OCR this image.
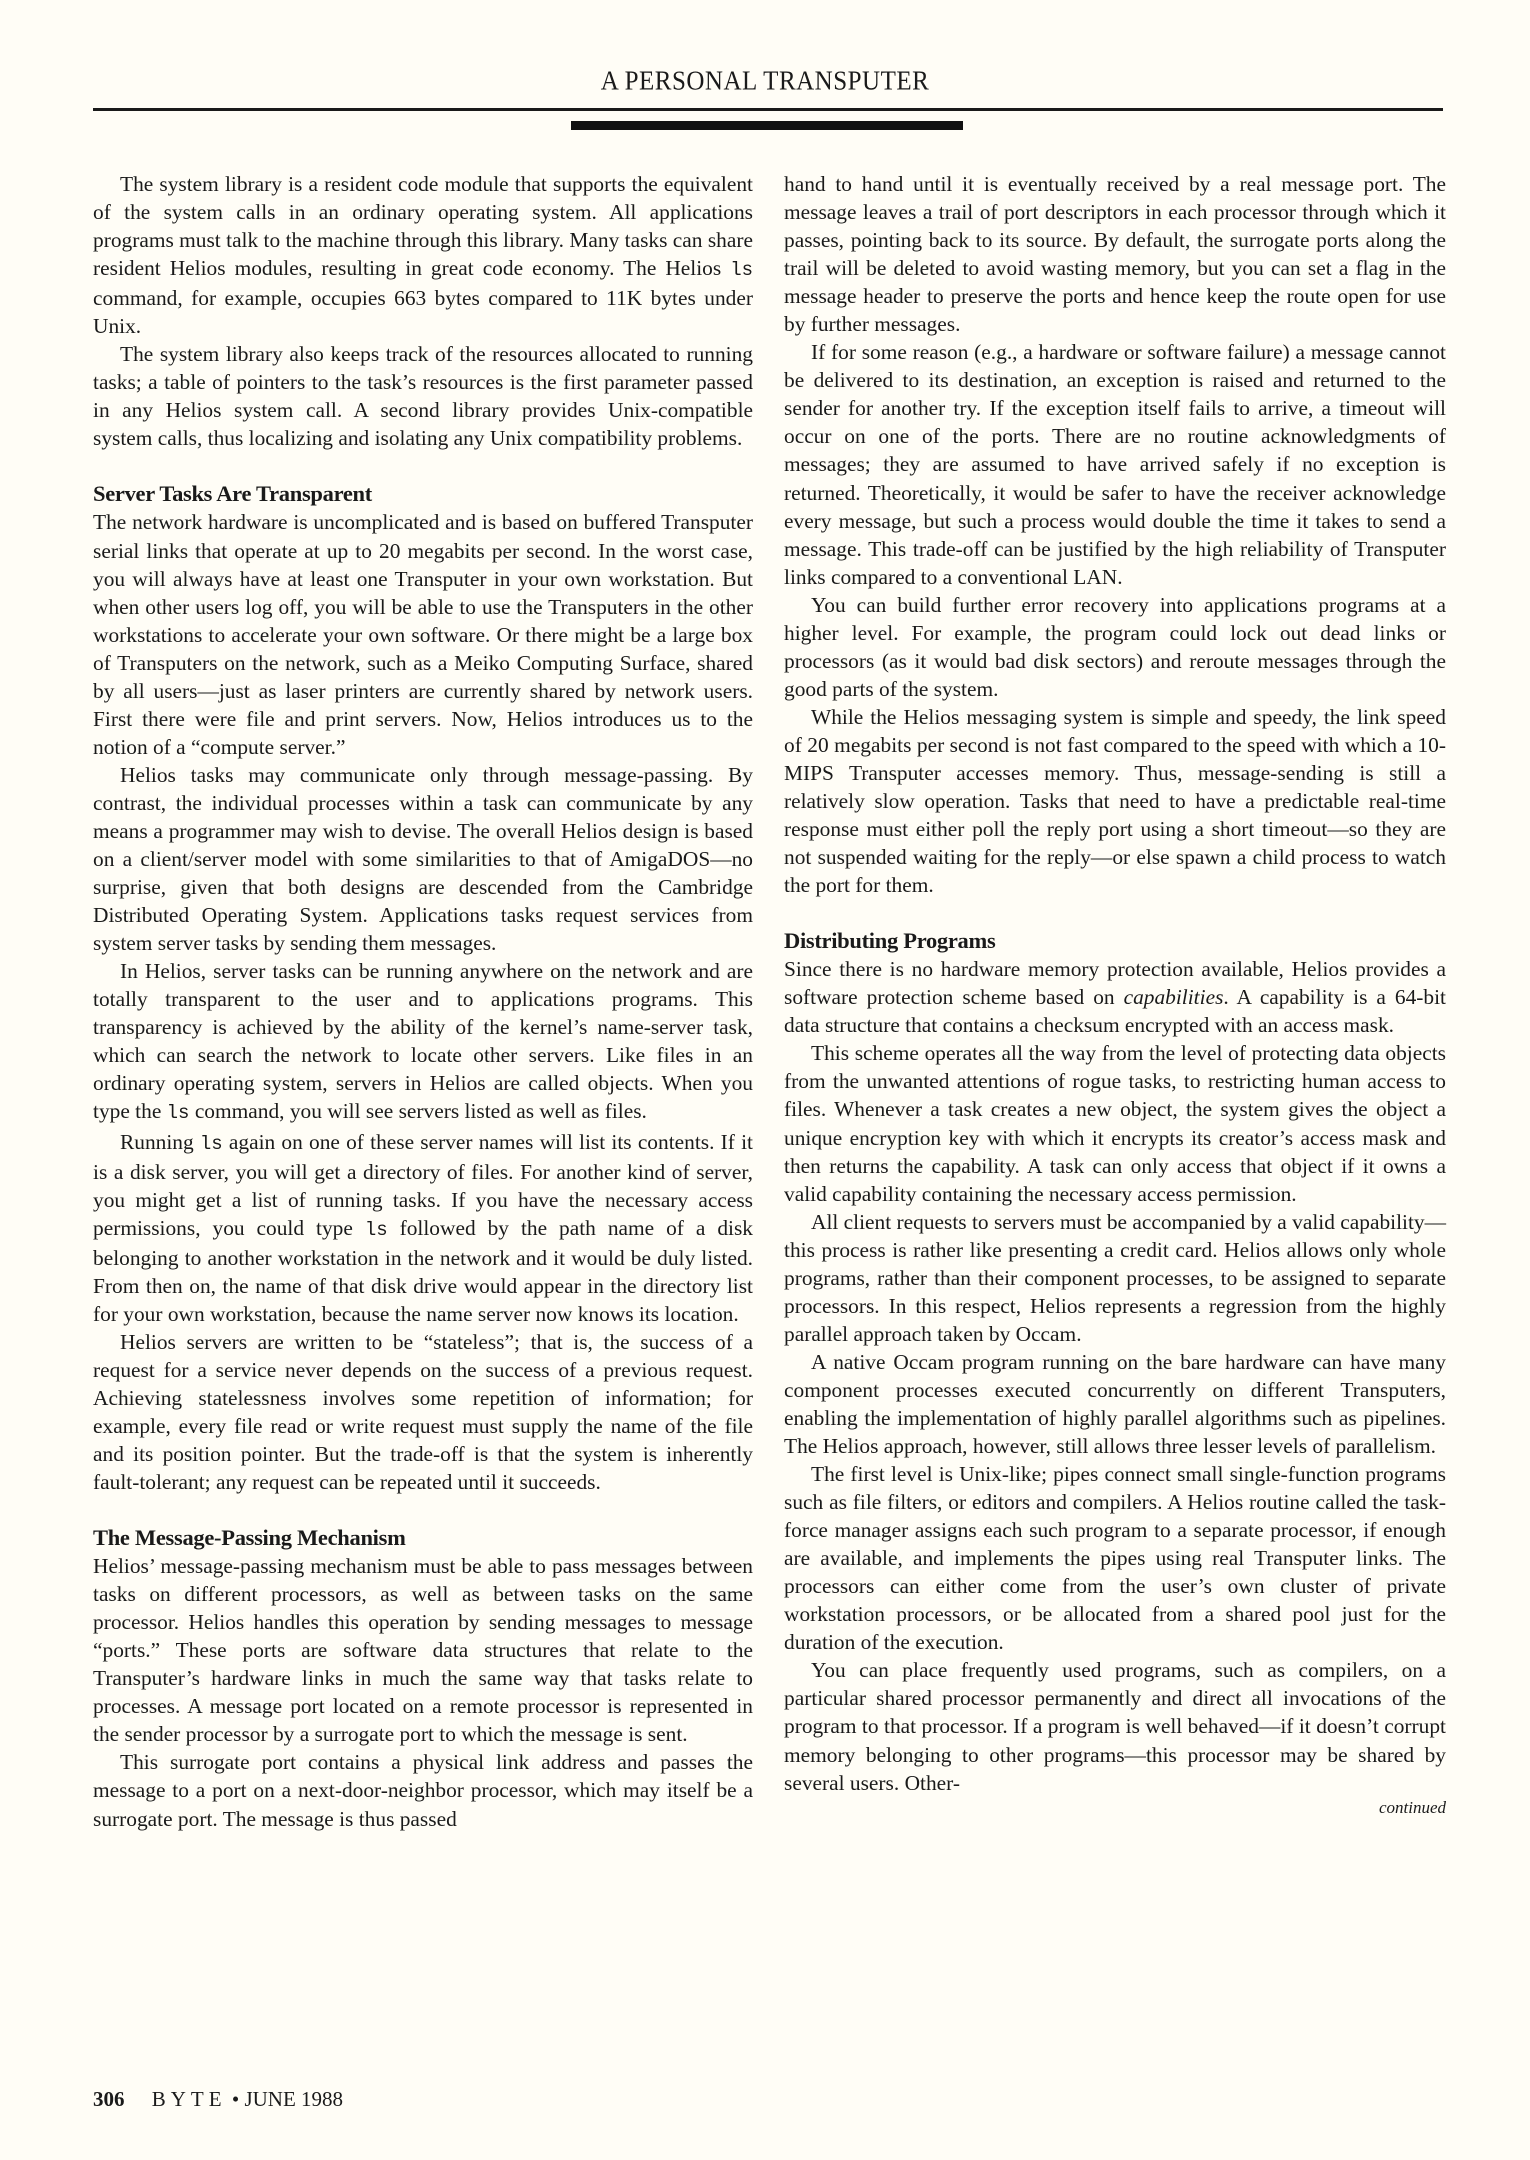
A PERSONAL TRANSPUTER

The system library is a resident code module that supports the equivalent of the system calls in an ordinary operating system. All applications programs must talk to the machine through this library. Many tasks can share resident Helios modules, resulting in great code economy. The Helios ls command, for example, occupies 663 bytes compared to 11K bytes under Unix.

The system library also keeps track of the resources allocated to running tasks; a table of pointers to the task’s resources is the first parameter passed in any Helios system call. A second library provides Unix-compatible system calls, thus localizing and isolating any Unix compatibility problems.

Server Tasks Are Transparent

The network hardware is uncomplicated and is based on buffered Transputer serial links that operate at up to 20 megabits per second. In the worst case, you will always have at least one Transputer in your own workstation. But when other users log off, you will be able to use the Transputers in the other workstations to accelerate your own software. Or there might be a large box of Transputers on the network, such as a Meiko Computing Surface, shared by all users—just as laser printers are currently shared by network users. First there were file and print servers. Now, Helios introduces us to the notion of a “compute server.”

Helios tasks may communicate only through message-passing. By contrast, the individual processes within a task can communicate by any means a programmer may wish to devise. The overall Helios design is based on a client/server model with some similarities to that of AmigaDOS—no surprise, given that both designs are descended from the Cambridge Distributed Operating System. Applications tasks request services from system server tasks by sending them messages.

In Helios, server tasks can be running anywhere on the network and are totally transparent to the user and to applications programs. This transparency is achieved by the ability of the kernel’s name-server task, which can search the network to locate other servers. Like files in an ordinary operating system, servers in Helios are called objects. When you type the ls command, you will see servers listed as well as files.

Running ls again on one of these server names will list its contents. If it is a disk server, you will get a directory of files. For another kind of server, you might get a list of running tasks. If you have the necessary access permissions, you could type ls followed by the path name of a disk belonging to another workstation in the network and it would be duly listed. From then on, the name of that disk drive would appear in the directory list for your own workstation, because the name server now knows its location.

Helios servers are written to be “stateless”; that is, the success of a request for a service never depends on the success of a previous request. Achieving statelessness involves some repetition of information; for example, every file read or write request must supply the name of the file and its position pointer. But the trade-off is that the system is inherently fault-tolerant; any request can be repeated until it succeeds.

The Message-Passing Mechanism

Helios’ message-passing mechanism must be able to pass messages between tasks on different processors, as well as between tasks on the same processor. Helios handles this operation by sending messages to message “ports.” These ports are software data structures that relate to the Transputer’s hardware links in much the same way that tasks relate to processes. A message port located on a remote processor is represented in the sender processor by a surrogate port to which the message is sent.

This surrogate port contains a physical link address and passes the message to a port on a next-door-neighbor processor, which may itself be a surrogate port. The message is thus passed

hand to hand until it is eventually received by a real message port. The message leaves a trail of port descriptors in each processor through which it passes, pointing back to its source. By default, the surrogate ports along the trail will be deleted to avoid wasting memory, but you can set a flag in the message header to preserve the ports and hence keep the route open for use by further messages.

If for some reason (e.g., a hardware or software failure) a message cannot be delivered to its destination, an exception is raised and returned to the sender for another try. If the exception itself fails to arrive, a timeout will occur on one of the ports. There are no routine acknowledgments of messages; they are assumed to have arrived safely if no exception is returned. Theoretically, it would be safer to have the receiver acknowledge every message, but such a process would double the time it takes to send a message. This trade-off can be justified by the high reliability of Transputer links compared to a conventional LAN.

You can build further error recovery into applications programs at a higher level. For example, the program could lock out dead links or processors (as it would bad disk sectors) and reroute messages through the good parts of the system.

While the Helios messaging system is simple and speedy, the link speed of 20 megabits per second is not fast compared to the speed with which a 10-MIPS Transputer accesses memory. Thus, message-sending is still a relatively slow operation. Tasks that need to have a predictable real-time response must either poll the reply port using a short timeout—so they are not suspended waiting for the reply—or else spawn a child process to watch the port for them.

Distributing Programs

Since there is no hardware memory protection available, Helios provides a software protection scheme based on capabilities. A capability is a 64-bit data structure that contains a checksum encrypted with an access mask.

This scheme operates all the way from the level of protecting data objects from the unwanted attentions of rogue tasks, to restricting human access to files. Whenever a task creates a new object, the system gives the object a unique encryption key with which it encrypts its creator’s access mask and then returns the capability. A task can only access that object if it owns a valid capability containing the necessary access permission.

All client requests to servers must be accompanied by a valid capability—this process is rather like presenting a credit card. Helios allows only whole programs, rather than their component processes, to be assigned to separate processors. In this respect, Helios represents a regression from the highly parallel approach taken by Occam.

A native Occam program running on the bare hardware can have many component processes executed concurrently on different Transputers, enabling the implementation of highly parallel algorithms such as pipelines. The Helios approach, however, still allows three lesser levels of parallelism.

The first level is Unix-like; pipes connect small single-function programs such as file filters, or editors and compilers. A Helios routine called the task-force manager assigns each such program to a separate processor, if enough are available, and implements the pipes using real Transputer links. The processors can either come from the user’s own cluster of private workstation processors, or be allocated from a shared pool just for the duration of the execution.

You can place frequently used programs, such as compilers, on a particular shared processor permanently and direct all invocations of the program to that processor. If a program is well behaved—if it doesn’t corrupt memory belonging to other programs—this processor may be shared by several users. Other-

continued
306 BYTE • JUNE 1988
